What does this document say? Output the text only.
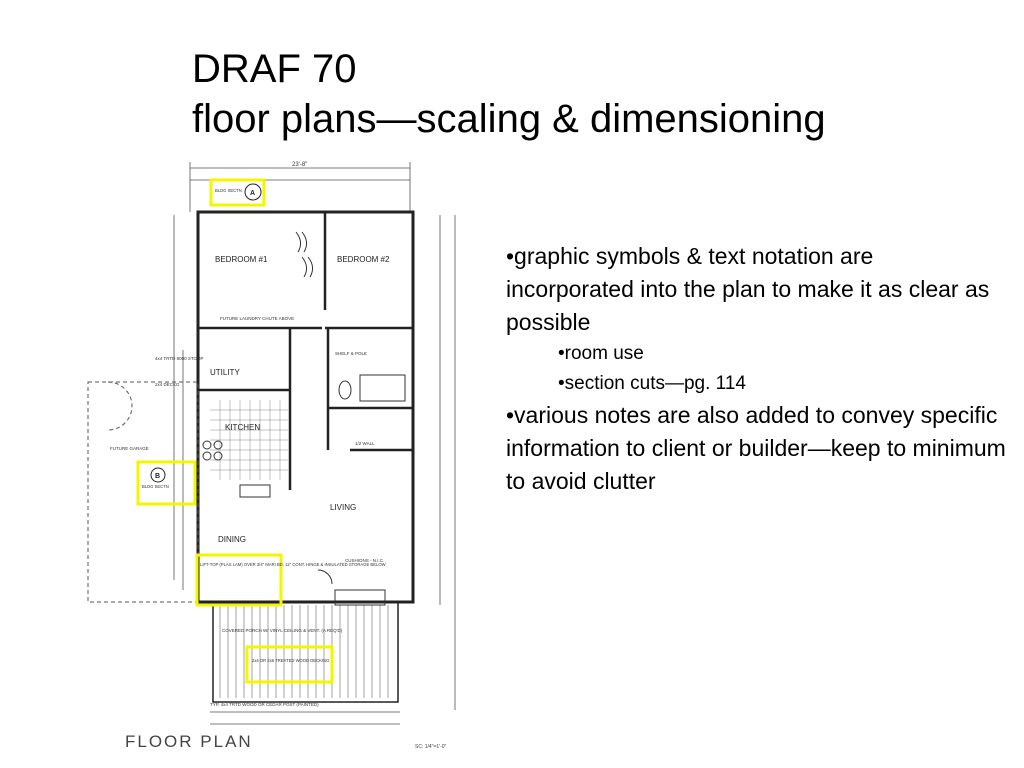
DRAF 70
floor plans—scaling & dimensioning
23'-8"
BEDROOM #1	BEDROOM #2
UTILITY
KITCHEN
LIVING
DINING
FUTURE GARAGE
FUTURE LAUNDRY CHUTE ABOVE
SHELF & POLE
1/2 WALL
CUSHIONS - N.I.C.
4x4 TRTD 8000 STOOP
2x4 DECKG
COVERED PORCH W/ VINYL CEILING & VENT. (A REQ'D)
TYP. 4x4 TRTD WOOD OR CEDAR POST (PAINTED)
A
B
BLDG SECTN
BLDG SECTN
LIFT-TOP (PLAS LAM) OVER 3/4" MARI BD. 12" CONT. HINGE & INSULATED STORAGE BELOW
2x4 OR 2x6 TREATED WOOD DECKING
FLOOR PLAN	SC: 1/4"=1'-0"
•graphic symbols & text notation are incorporated into the plan to make it as clear as possible
•room use
•section cuts—pg. 114
•various notes are also added to convey specific information to client or builder—keep to minimum to avoid clutter
